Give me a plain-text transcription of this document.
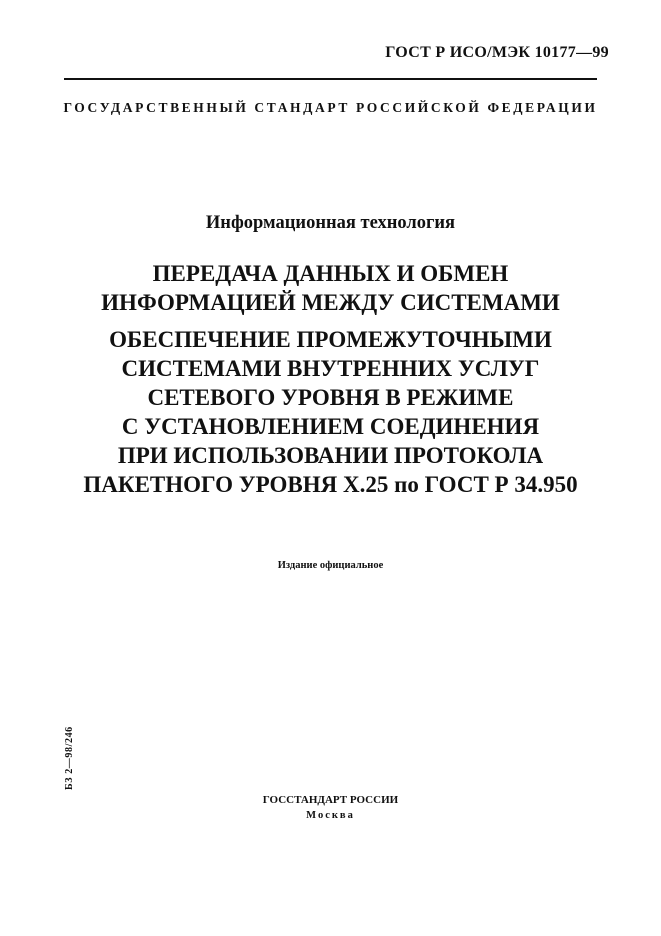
ГОСТ Р ИСО/МЭК 10177—99
ГОСУДАРСТВЕННЫЙ СТАНДАРТ РОССИЙСКОЙ ФЕДЕРАЦИИ
Информационная технология
ПЕРЕДАЧА ДАННЫХ И ОБМЕН
ИНФОРМАЦИЕЙ МЕЖДУ СИСТЕМАМИ
ОБЕСПЕЧЕНИЕ ПРОМЕЖУТОЧНЫМИ
СИСТЕМАМИ ВНУТРЕННИХ УСЛУГ
СЕТЕВОГО УРОВНЯ В РЕЖИМЕ
С УСТАНОВЛЕНИЕМ СОЕДИНЕНИЯ
ПРИ ИСПОЛЬЗОВАНИИ ПРОТОКОЛА
ПАКЕТНОГО УРОВНЯ Х.25 по ГОСТ Р 34.950
Издание официальное
БЗ 2—98/246
ГОССТАНДАРТ РОССИИ
Москва
